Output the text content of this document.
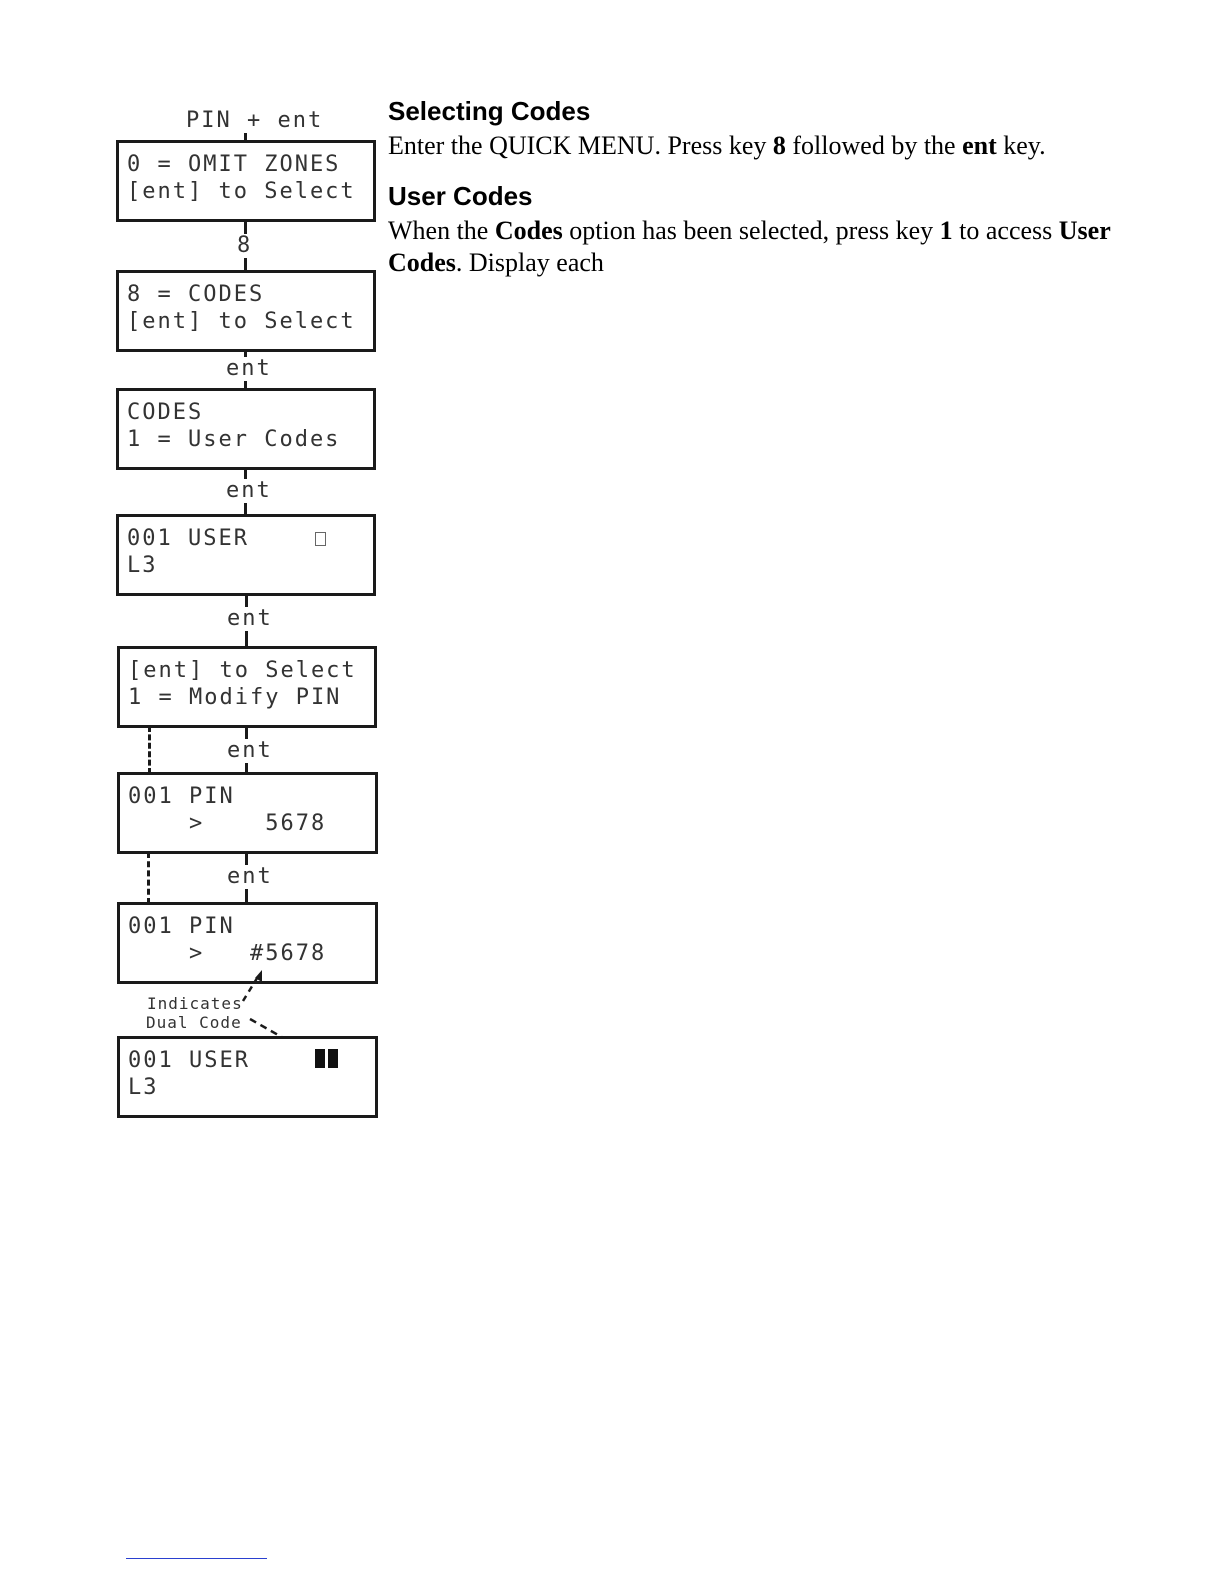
PIN + ent
0 = OMIT ZONES
[ent] to Select
8
8 = CODES
[ent] to Select
ent
CODES
1 = User Codes
ent
001 USER
L3
ent
[ent] to Select
1 = Modify PIN
ent
001 PIN
>    5678
ent
001 PIN
>   #5678
Indicates
Dual Code
001 USER
L3
Selecting Codes

Enter the QUICK MENU. Press key 8 followed by the ent key.

User Codes

When the Codes option has been selected, press key 1 to access User Codes. Display each
